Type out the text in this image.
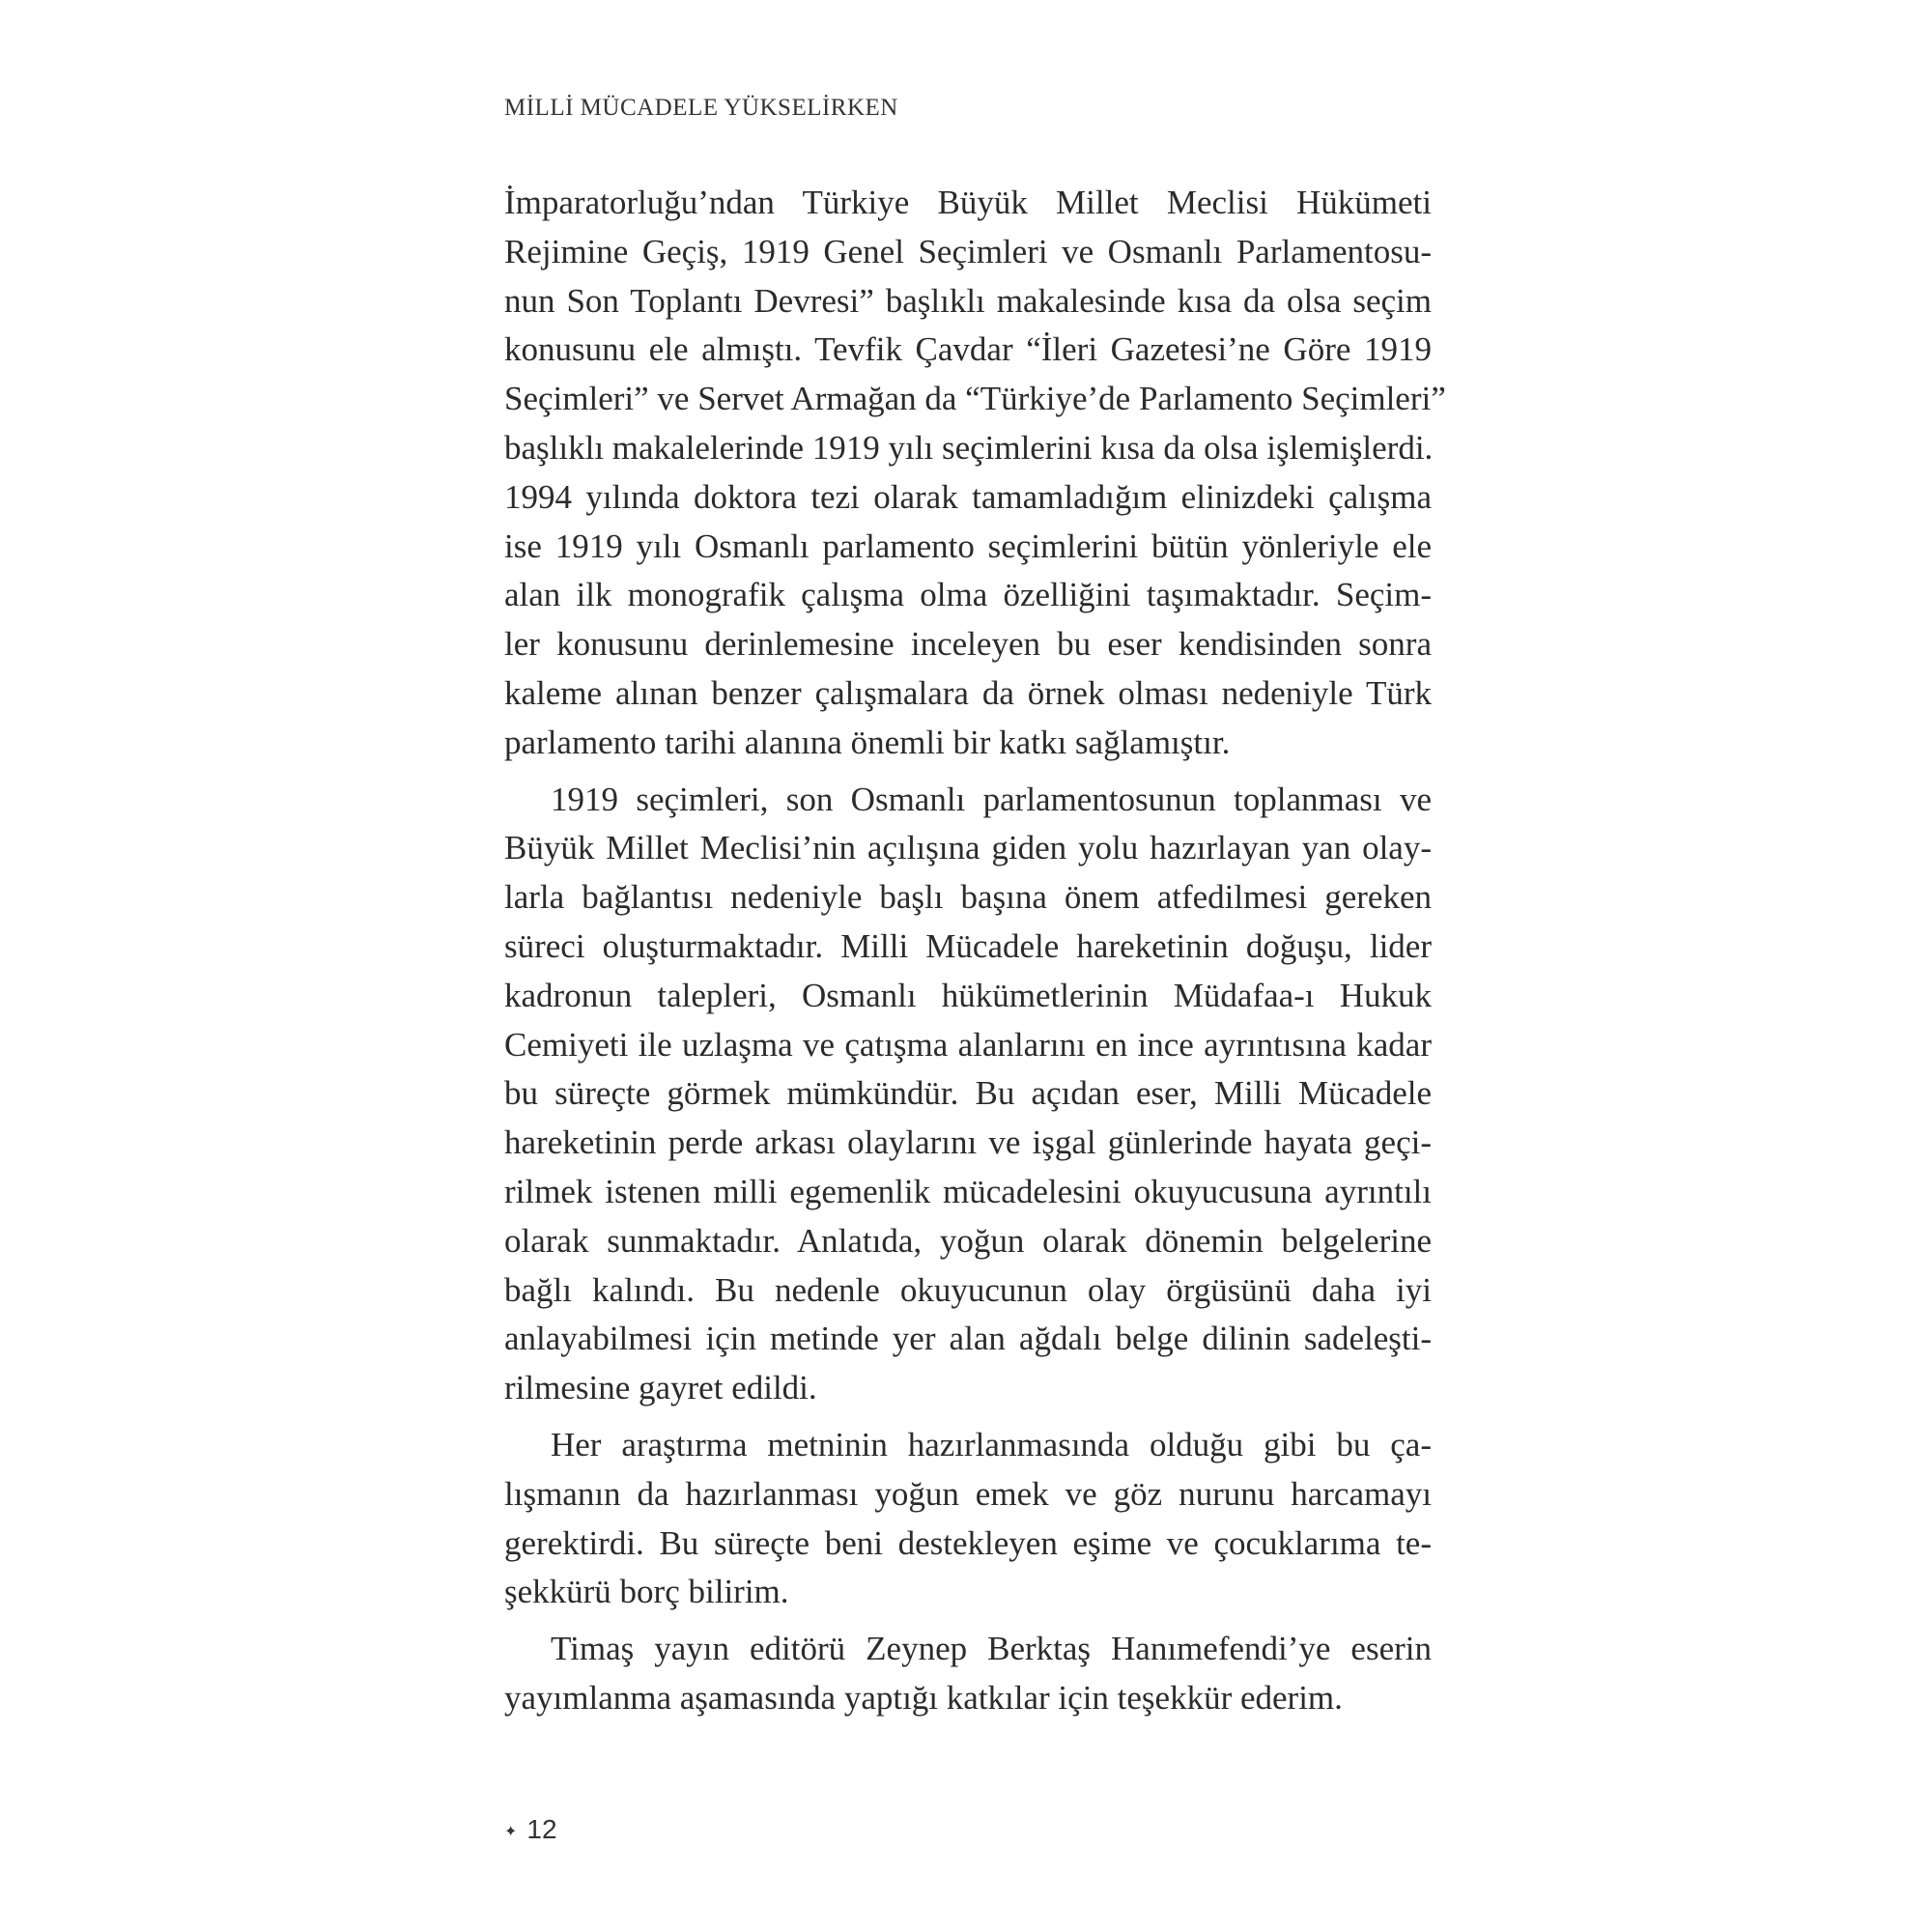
MİLLİ MÜCADELE YÜKSELİRKEN
İmparatorluğu’ndan Türkiye Büyük Millet Meclisi Hükümeti
Rejimine Geçiş, 1919 Genel Seçimleri ve Osmanlı Parlamentosu-
nun Son Toplantı Devresi” başlıklı makalesinde kısa da olsa seçim
konusunu ele almıştı. Tevfik Çavdar “İleri Gazetesi’ne Göre 1919
Seçimleri” ve Servet Armağan da “Türkiye’de Parlamento Seçimleri”
başlıklı makalelerinde 1919 yılı seçimlerini kısa da olsa işlemişlerdi.
1994 yılında doktora tezi olarak tamamladığım elinizdeki çalışma
ise 1919 yılı Osmanlı parlamento seçimlerini bütün yönleriyle ele
alan ilk monografik çalışma olma özelliğini taşımaktadır. Seçim-
ler konusunu derinlemesine inceleyen bu eser kendisinden sonra
kaleme alınan benzer çalışmalara da örnek olması nedeniyle Türk
parlamento tarihi alanına önemli bir katkı sağlamıştır.
1919 seçimleri, son Osmanlı parlamentosunun toplanması ve
Büyük Millet Meclisi’nin açılışına giden yolu hazırlayan yan olay-
larla bağlantısı nedeniyle başlı başına önem atfedilmesi gereken
süreci oluşturmaktadır. Milli Mücadele hareketinin doğuşu, lider
kadronun talepleri, Osmanlı hükümetlerinin Müdafaa-ı Hukuk
Cemiyeti ile uzlaşma ve çatışma alanlarını en ince ayrıntısına kadar
bu süreçte görmek mümkündür. Bu açıdan eser, Milli Mücadele
hareketinin perde arkası olaylarını ve işgal günlerinde hayata geçi-
rilmek istenen milli egemenlik mücadelesini okuyucusuna ayrıntılı
olarak sunmaktadır. Anlatıda, yoğun olarak dönemin belgelerine
bağlı kalındı. Bu nedenle okuyucunun olay örgüsünü daha iyi
anlayabilmesi için metinde yer alan ağdalı belge dilinin sadeleşti-
rilmesine gayret edildi.
Her araştırma metninin hazırlanmasında olduğu gibi bu ça-
lışmanın da hazırlanması yoğun emek ve göz nurunu harcamayı
gerektirdi. Bu süreçte beni destekleyen eşime ve çocuklarıma te-
şekkürü borç bilirim.
Timaş yayın editörü Zeynep Berktaş Hanımefendi’ye eserin
yayımlanma aşamasında yaptığı katkılar için teşekkür ederim.
✦ 12
